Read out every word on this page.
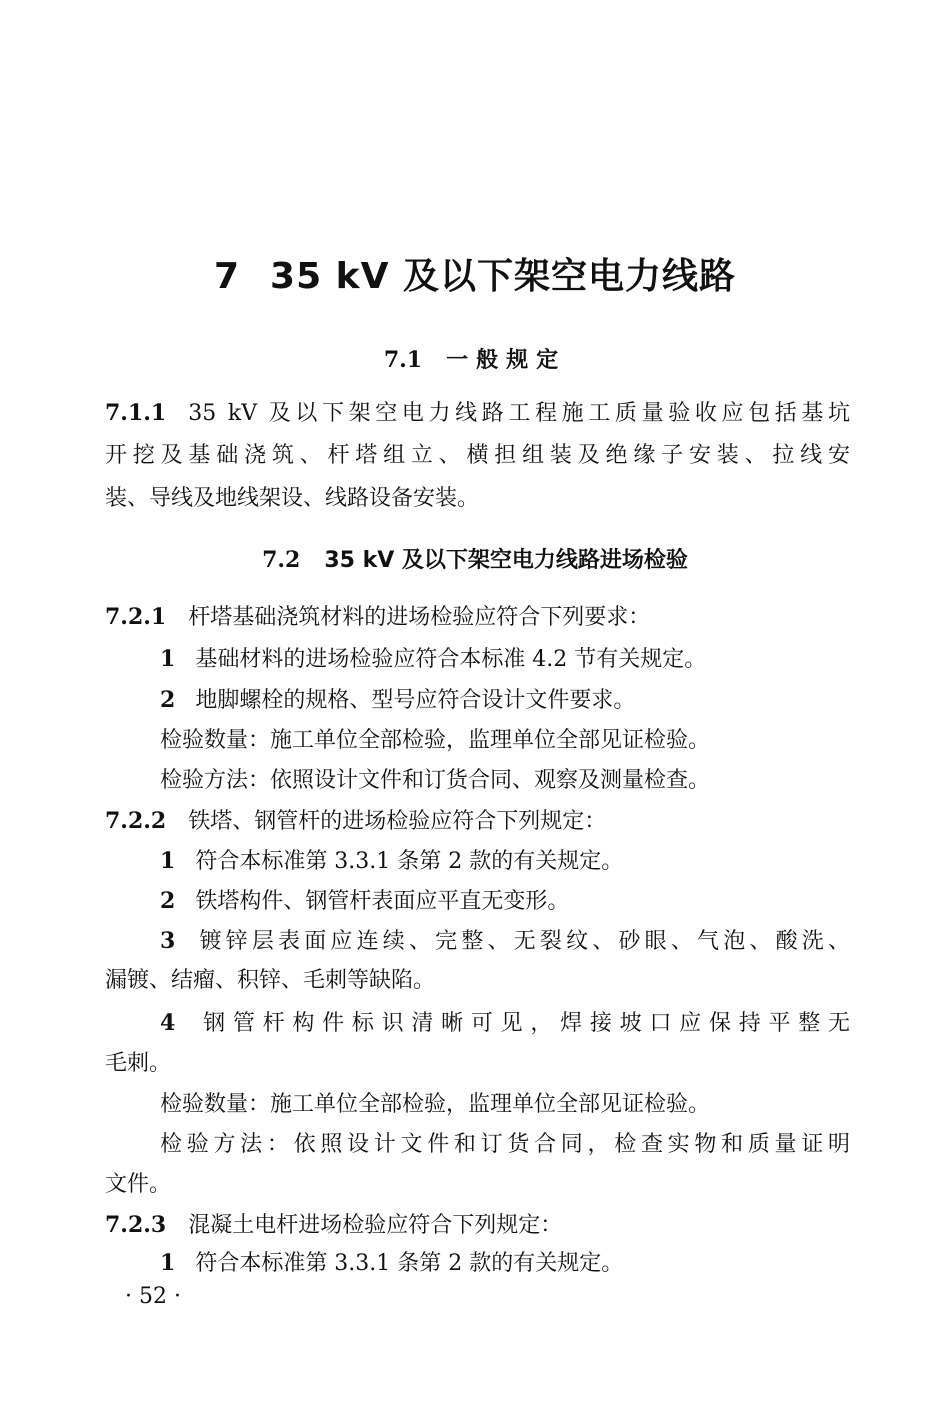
7 35 kV 及以下架空电力线路
7.1 一般规定
7.1.1 35 kV 及以下架空电力线路工程施工质量验收应包括基坑
开挖及基础浇筑、杆塔组立、横担组装及绝缘子安装、拉线安
装、导线及地线架设、线路设备安装。
7.2 35 kV 及以下架空电力线路进场检验
7.2.1 杆塔基础浇筑材料的进场检验应符合下列要求：
1 基础材料的进场检验应符合本标准 4.2 节有关规定。
2 地脚螺栓的规格、型号应符合设计文件要求。
检验数量：施工单位全部检验，监理单位全部见证检验。
检验方法：依照设计文件和订货合同、观察及测量检查。
7.2.2 铁塔、钢管杆的进场检验应符合下列规定：
1 符合本标准第 3.3.1 条第 2 款的有关规定。
2 铁塔构件、钢管杆表面应平直无变形。
3 镀锌层表面应连续、完整、无裂纹、砂眼、气泡、酸洗、
漏镀、结瘤、积锌、毛刺等缺陷。
4 钢管杆构件标识清晰可见，焊接坡口应保持平整无
毛刺。
检验数量：施工单位全部检验，监理单位全部见证检验。
检验方法：依照设计文件和订货合同，检查实物和质量证明
文件。
7.2.3 混凝土电杆进场检验应符合下列规定：
1 符合本标准第 3.3.1 条第 2 款的有关规定。
· 52 ·
